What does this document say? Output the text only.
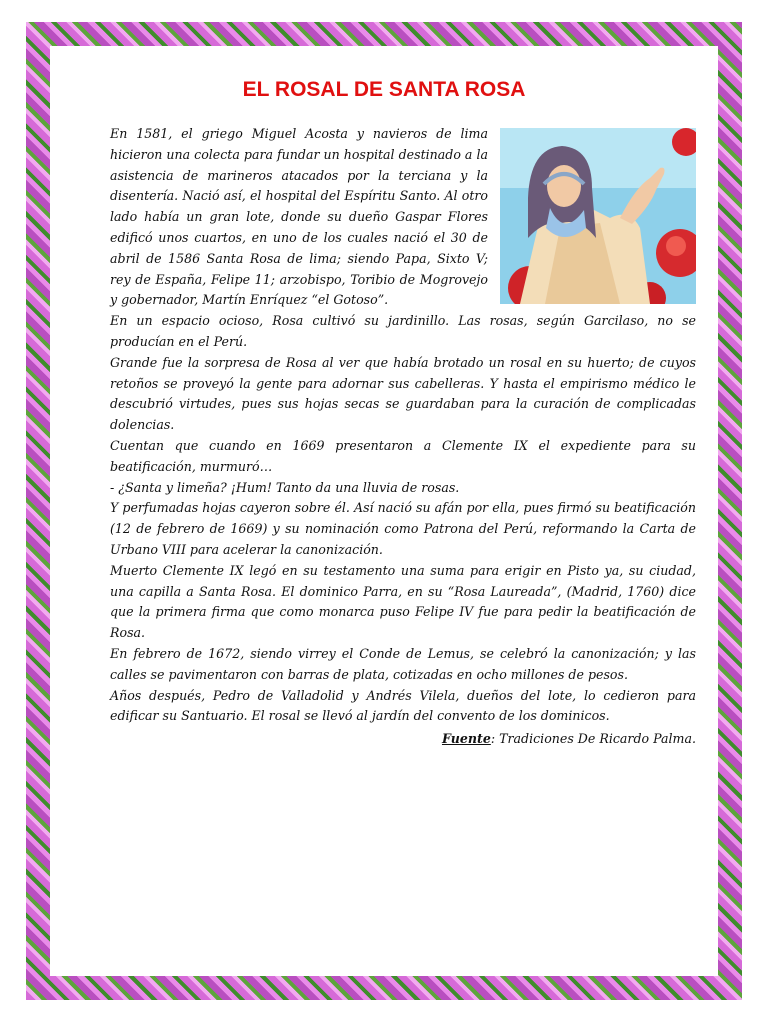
EL ROSAL DE SANTA ROSA

En 1581, el griego Miguel Acosta y navieros de lima hicieron una colecta para fundar un hospital destinado a la asistencia de marineros atacados por la terciana y la disentería. Nació así, el hospital del Espíritu Santo. Al otro lado había un gran lote, donde su dueño Gaspar Flores edificó unos cuartos, en uno de los cuales nació el 30 de abril de 1586 Santa Rosa de lima; siendo Papa, Sixto V; rey de España, Felipe 11; arzobispo, Toribio de Mogrovejo y gobernador, Martín Enríquez “el Gotoso”.

En un espacio ocioso, Rosa cultivó su jardinillo. Las rosas, según Garcilaso, no se producían en el Perú.

Grande fue la sorpresa de Rosa al ver que había brotado un rosal en su huerto; de cuyos retoños se proveyó la gente para adornar sus cabelleras. Y hasta el empirismo médico le descubrió virtudes, pues sus hojas secas se guardaban para la curación de complicadas dolencias.

Cuentan que cuando en 1669 presentaron a Clemente IX el expediente para su beatificación, murmuró…

- ¿Santa y limeña? ¡Hum! Tanto da una lluvia de rosas.

Y perfumadas hojas cayeron sobre él. Así nació su afán por ella, pues firmó su beatificación (12 de febrero de 1669) y su nominación como Patrona del Perú, reformando la Carta de Urbano VIII para acelerar la canonización.

Muerto Clemente IX legó en su testamento una suma para erigir en Pisto ya, su ciudad, una capilla a Santa Rosa. El dominico Parra, en su “Rosa Laureada”, (Madrid, 1760) dice que la primera firma que como monarca puso Felipe IV fue para pedir la beatificación de Rosa.

En febrero de 1672, siendo virrey el Conde de Lemus, se celebró la canonización; y las calles se pavimentaron con barras de plata, cotizadas en ocho millones de pesos.

Años después, Pedro de Valladolid y Andrés Vilela, dueños del lote, lo cedieron para edificar su Santuario. El rosal se llevó al jardín del convento de los dominicos.

Fuente: Tradiciones De Ricardo Palma.
